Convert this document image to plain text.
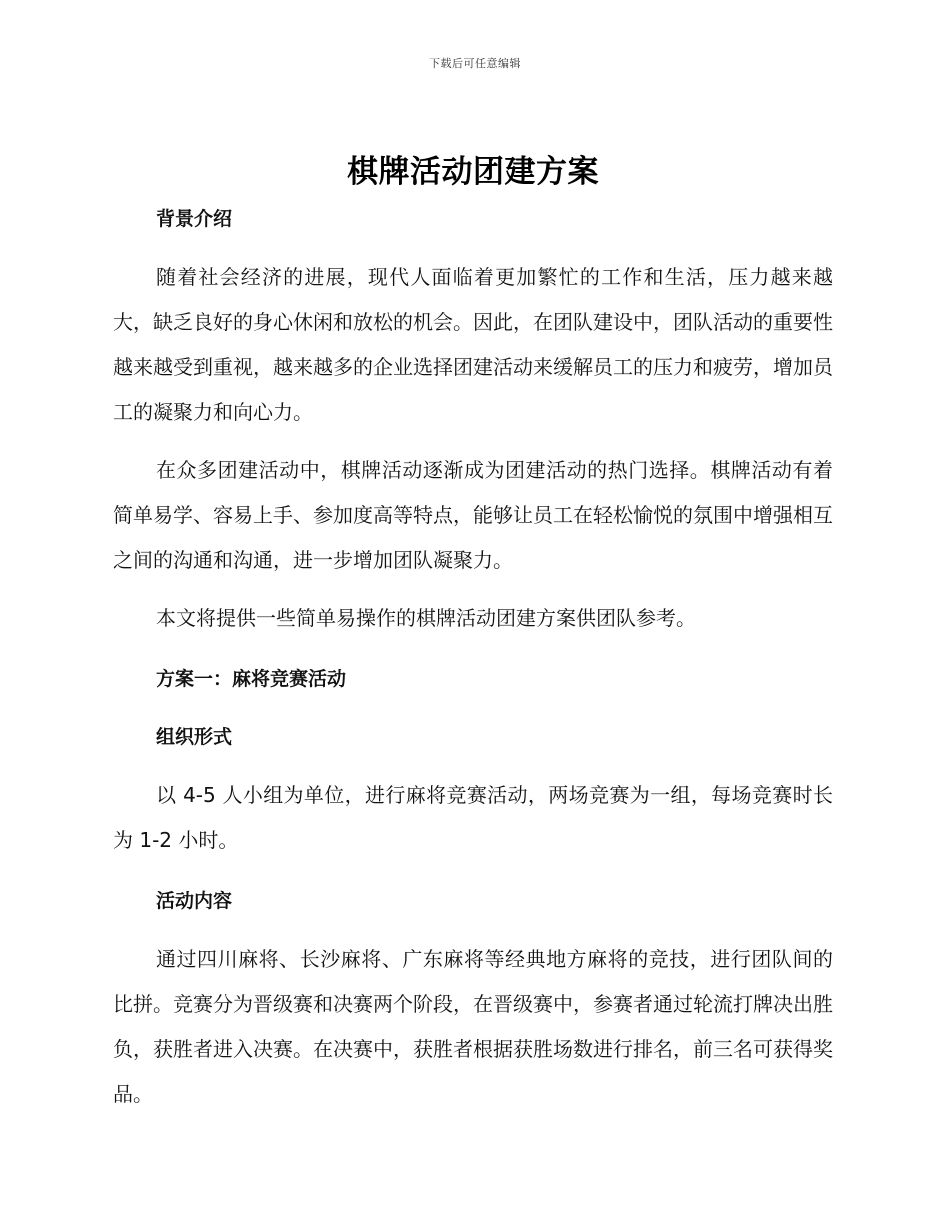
下载后可任意编辑
棋牌活动团建方案
背景介绍

随着社会经济的进展，现代人面临着更加繁忙的工作和生活，压力越来越大，缺乏良好的身心休闲和放松的机会。因此，在团队建设中，团队活动的重要性越来越受到重视，越来越多的企业选择团建活动来缓解员工的压力和疲劳，增加员工的凝聚力和向心力。

在众多团建活动中，棋牌活动逐渐成为团建活动的热门选择。棋牌活动有着简单易学、容易上手、参加度高等特点，能够让员工在轻松愉悦的氛围中增强相互之间的沟通和沟通，进一步增加团队凝聚力。

本文将提供一些简单易操作的棋牌活动团建方案供团队参考。

方案一：麻将竞赛活动
组织形式

以 4-5 人小组为单位，进行麻将竞赛活动，两场竞赛为一组，每场竞赛时长为 1-2 小时。

活动内容

通过四川麻将、长沙麻将、广东麻将等经典地方麻将的竞技，进行团队间的比拼。竞赛分为晋级赛和决赛两个阶段，在晋级赛中，参赛者通过轮流打牌决出胜负，获胜者进入决赛。在决赛中，获胜者根据获胜场数进行排名，前三名可获得奖品。
